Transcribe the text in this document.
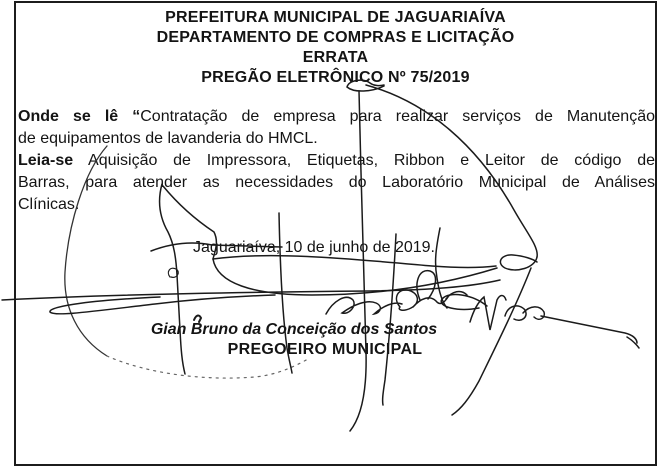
PREFEITURA MUNICIPAL DE JAGUARIAÍVA
DEPARTAMENTO DE COMPRAS E LICITAÇÃO
ERRATA
PREGÃO ELETRÔNICO Nº 75/2019
Onde se lê “Contratação de empresa para realizar serviços de Manutenção
de equipamentos de lavanderia do HMCL.
Leia-se Aquisição de Impressora, Etiquetas, Ribbon e Leitor de código de
Barras, para atender as necessidades do Laboratório Municipal de Análises
Clínicas.
Jaguariaíva, 10 de junho de 2019.
Gian Bruno da Conceição dos Santos
PREGOEIRO MUNICIPAL
